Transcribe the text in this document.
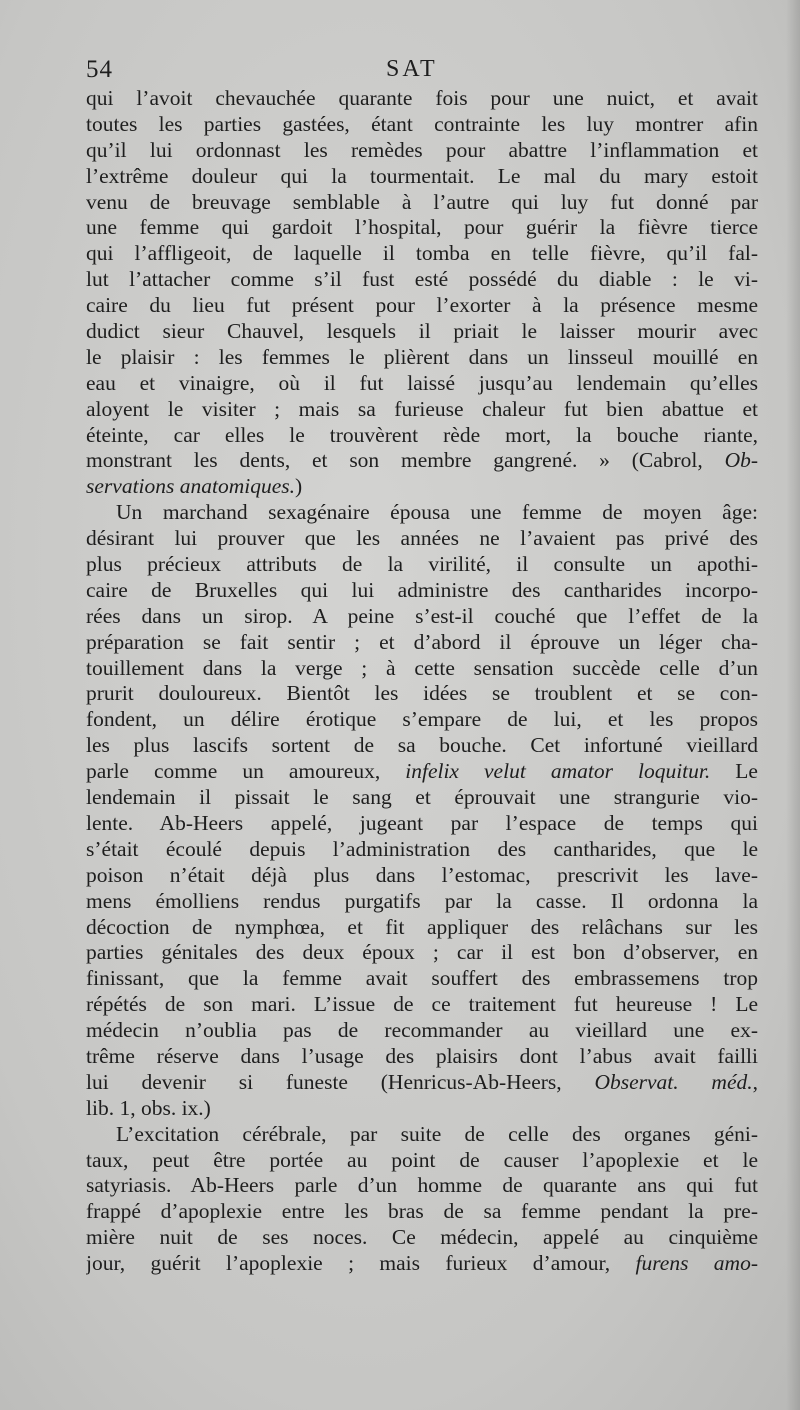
54	SAT
qui l’avoit chevauchée quarante fois pour une nuict, et avait
toutes les parties gastées, étant contrainte les luy montrer afin
qu’il lui ordonnast les remèdes pour abattre l’inflammation et
l’extrême douleur qui la tourmentait. Le mal du mary estoit
venu de breuvage semblable à l’autre qui luy fut donné par
une femme qui gardoit l’hospital, pour guérir la fièvre tierce
qui l’affligeoit, de laquelle il tomba en telle fièvre, qu’il fal-
lut l’attacher comme s’il fust esté possédé du diable : le vi-
caire du lieu fut présent pour l’exorter à la présence mesme
dudict sieur Chauvel, lesquels il priait le laisser mourir avec
le plaisir : les femmes le plièrent dans un linsseul mouillé en
eau et vinaigre, où il fut laissé jusqu’au lendemain qu’elles
aloyent le visiter ; mais sa furieuse chaleur fut bien abattue et
éteinte, car elles le trouvèrent rède mort, la bouche riante,
monstrant les dents, et son membre gangrené. » (Cabrol, Ob-
servations anatomiques.)
Un marchand sexagénaire épousa une femme de moyen âge:
désirant lui prouver que les années ne l’avaient pas privé des
plus précieux attributs de la virilité, il consulte un apothi-
caire de Bruxelles qui lui administre des cantharides incorpo-
rées dans un sirop. A peine s’est-il couché que l’effet de la
préparation se fait sentir ; et d’abord il éprouve un léger cha-
touillement dans la verge ; à cette sensation succède celle d’un
prurit douloureux. Bientôt les idées se troublent et se con-
fondent, un délire érotique s’empare de lui, et les propos
les plus lascifs sortent de sa bouche. Cet infortuné vieillard
parle comme un amoureux, infelix velut amator loquitur. Le
lendemain il pissait le sang et éprouvait une strangurie vio-
lente. Ab-Heers appelé, jugeant par l’espace de temps qui
s’était écoulé depuis l’administration des cantharides, que le
poison n’était déjà plus dans l’estomac, prescrivit les lave-
mens émolliens rendus purgatifs par la casse. Il ordonna la
décoction de nymphœa, et fit appliquer des relâchans sur les
parties génitales des deux époux ; car il est bon d’observer, en
finissant, que la femme avait souffert des embrassemens trop
répétés de son mari. L’issue de ce traitement fut heureuse ! Le
médecin n’oublia pas de recommander au vieillard une ex-
trême réserve dans l’usage des plaisirs dont l’abus avait failli
lui devenir si funeste (Henricus-Ab-Heers, Observat. méd.,
lib. 1, obs. ix.)
L’excitation cérébrale, par suite de celle des organes géni-
taux, peut être portée au point de causer l’apoplexie et le
satyriasis. Ab-Heers parle d’un homme de quarante ans qui fut
frappé d’apoplexie entre les bras de sa femme pendant la pre-
mière nuit de ses noces. Ce médecin, appelé au cinquième
jour, guérit l’apoplexie ; mais furieux d’amour, furens amo-
